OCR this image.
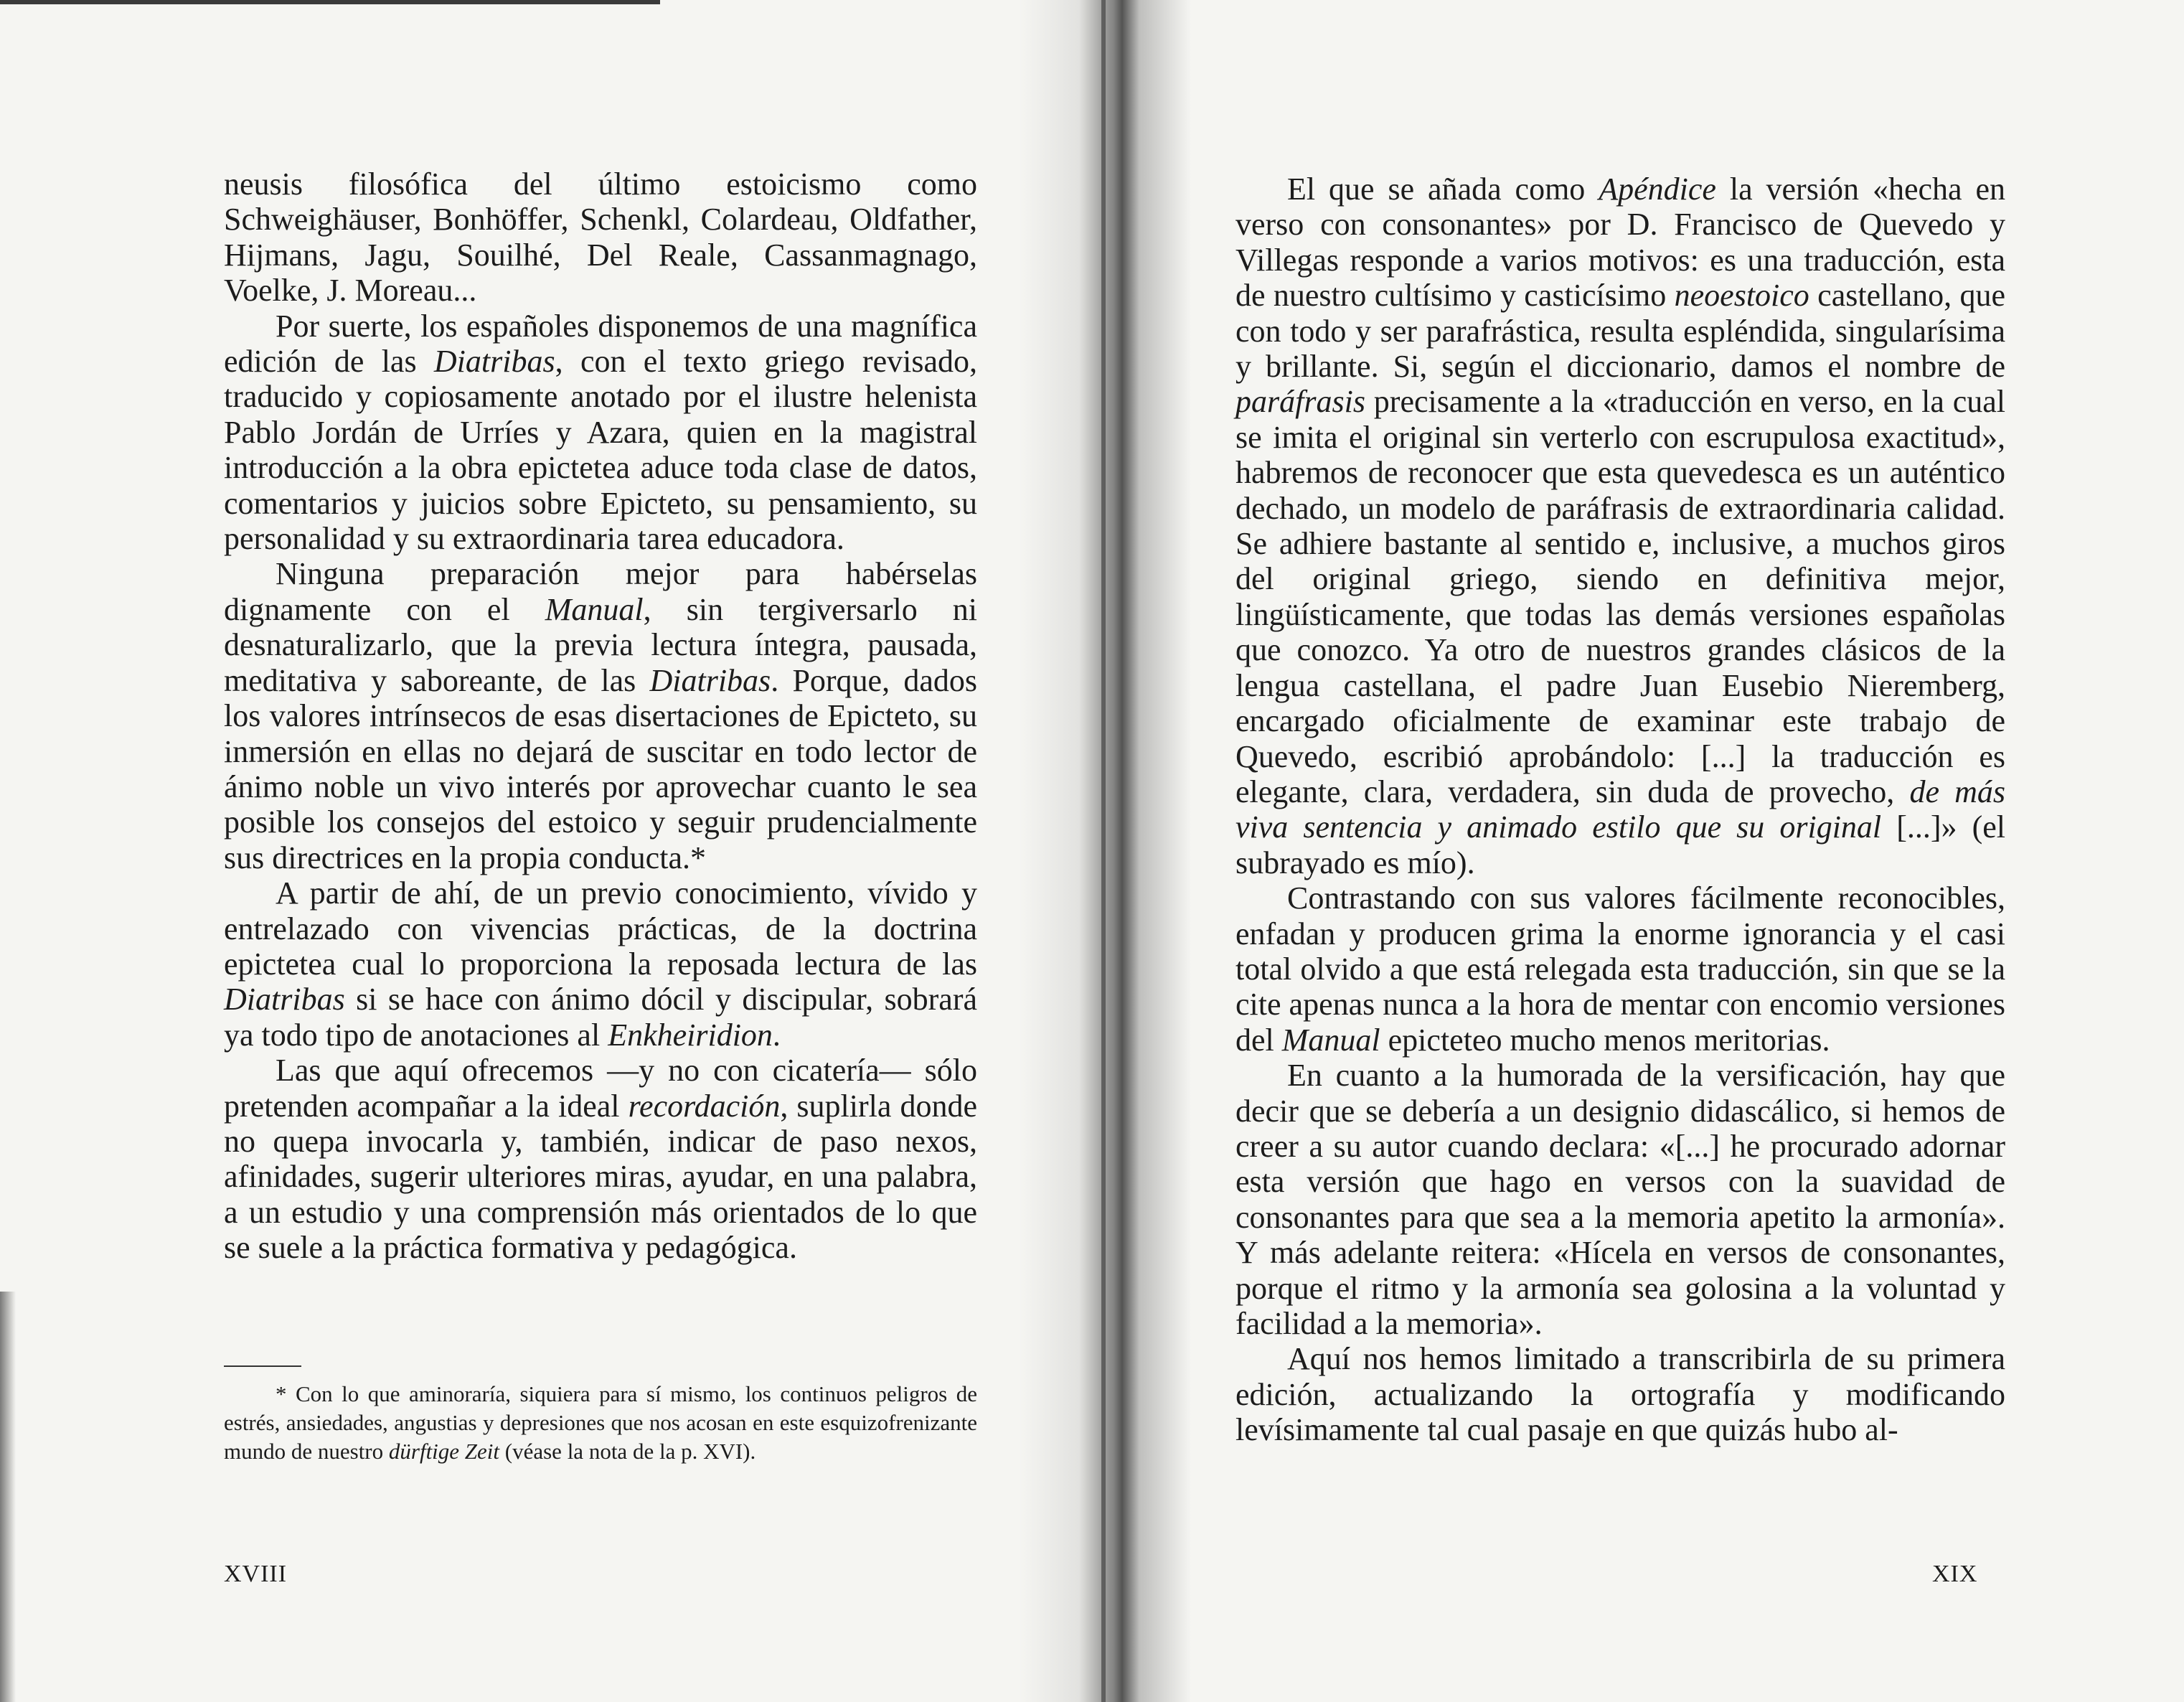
neusis filosófica del último estoicismo como Schweighäuser, Bonhöffer, Schenkl, Colardeau, Oldfather, Hijmans, Jagu, Souilhé, Del Reale, Cassanmagnago, Voelke, J. Moreau...

Por suerte, los españoles disponemos de una magnífica edición de las Diatribas, con el texto griego revisado, traducido y copiosamente anotado por el ilustre helenista Pablo Jordán de Urríes y Azara, quien en la magistral introducción a la obra epictetea aduce toda clase de datos, comentarios y juicios sobre Epicteto, su pensamiento, su personalidad y su extraordinaria tarea educadora.

Ninguna preparación mejor para habérselas dignamente con el Manual, sin tergiversarlo ni desnaturalizarlo, que la previa lectura íntegra, pausada, meditativa y saboreante, de las Diatribas. Porque, dados los valores intrínsecos de esas disertaciones de Epicteto, su inmersión en ellas no dejará de suscitar en todo lector de ánimo noble un vivo interés por aprovechar cuanto le sea posible los consejos del estoico y seguir prudencialmente sus directrices en la propia conducta.*

A partir de ahí, de un previo conocimiento, vívido y entrelazado con vivencias prácticas, de la doctrina epictetea cual lo proporciona la reposada lectura de las Diatribas si se hace con ánimo dócil y discipular, sobrará ya todo tipo de anotaciones al Enkheiridion.

Las que aquí ofrecemos —y no con cicatería— sólo pretenden acompañar a la ideal recordación, suplirla donde no quepa invocarla y, también, indicar de paso nexos, afinidades, sugerir ulteriores miras, ayudar, en una palabra, a un estudio y una comprensión más orientados de lo que se suele a la práctica formativa y pedagógica.

* Con lo que aminoraría, siquiera para sí mismo, los continuos peligros de estrés, ansiedades, angustias y depresiones que nos acosan en este esquizofrenizante mundo de nuestro dürftige Zeit (véase la nota de la p. XVI).

XVIII

El que se añada como Apéndice la versión «hecha en verso con consonantes» por D. Francisco de Quevedo y Villegas responde a varios motivos: es una traducción, esta de nuestro cultísimo y casticísimo neoestoico castellano, que con todo y ser parafrástica, resulta espléndida, singularísima y brillante. Si, según el diccionario, damos el nombre de paráfrasis precisamente a la «traducción en verso, en la cual se imita el original sin verterlo con escrupulosa exactitud», habremos de reconocer que esta quevedesca es un auténtico dechado, un modelo de paráfrasis de extraordinaria calidad. Se adhiere bastante al sentido e, inclusive, a muchos giros del original griego, siendo en definitiva mejor, lingüísticamente, que todas las demás versiones españolas que conozco. Ya otro de nuestros grandes clásicos de la lengua castellana, el padre Juan Eusebio Nieremberg, encargado oficialmente de examinar este trabajo de Quevedo, escribió aprobándolo: [...] la traducción es elegante, clara, verdadera, sin duda de provecho, de más viva sentencia y animado estilo que su original [...]» (el subrayado es mío).

Contrastando con sus valores fácilmente reconocibles, enfadan y producen grima la enorme ignorancia y el casi total olvido a que está relegada esta traducción, sin que se la cite apenas nunca a la hora de mentar con encomio versiones del Manual epicteteo mucho menos meritorias.

En cuanto a la humorada de la versificación, hay que decir que se debería a un designio didascálico, si hemos de creer a su autor cuando declara: «[...] he procurado adornar esta versión que hago en versos con la suavidad de consonantes para que sea a la memoria apetito la armonía». Y más adelante reitera: «Hícela en versos de consonantes, porque el ritmo y la armonía sea golosina a la voluntad y facilidad a la memoria».

Aquí nos hemos limitado a transcribirla de su primera edición, actualizando la ortografía y modificando levísimamente tal cual pasaje en que quizás hubo al-

XIX
